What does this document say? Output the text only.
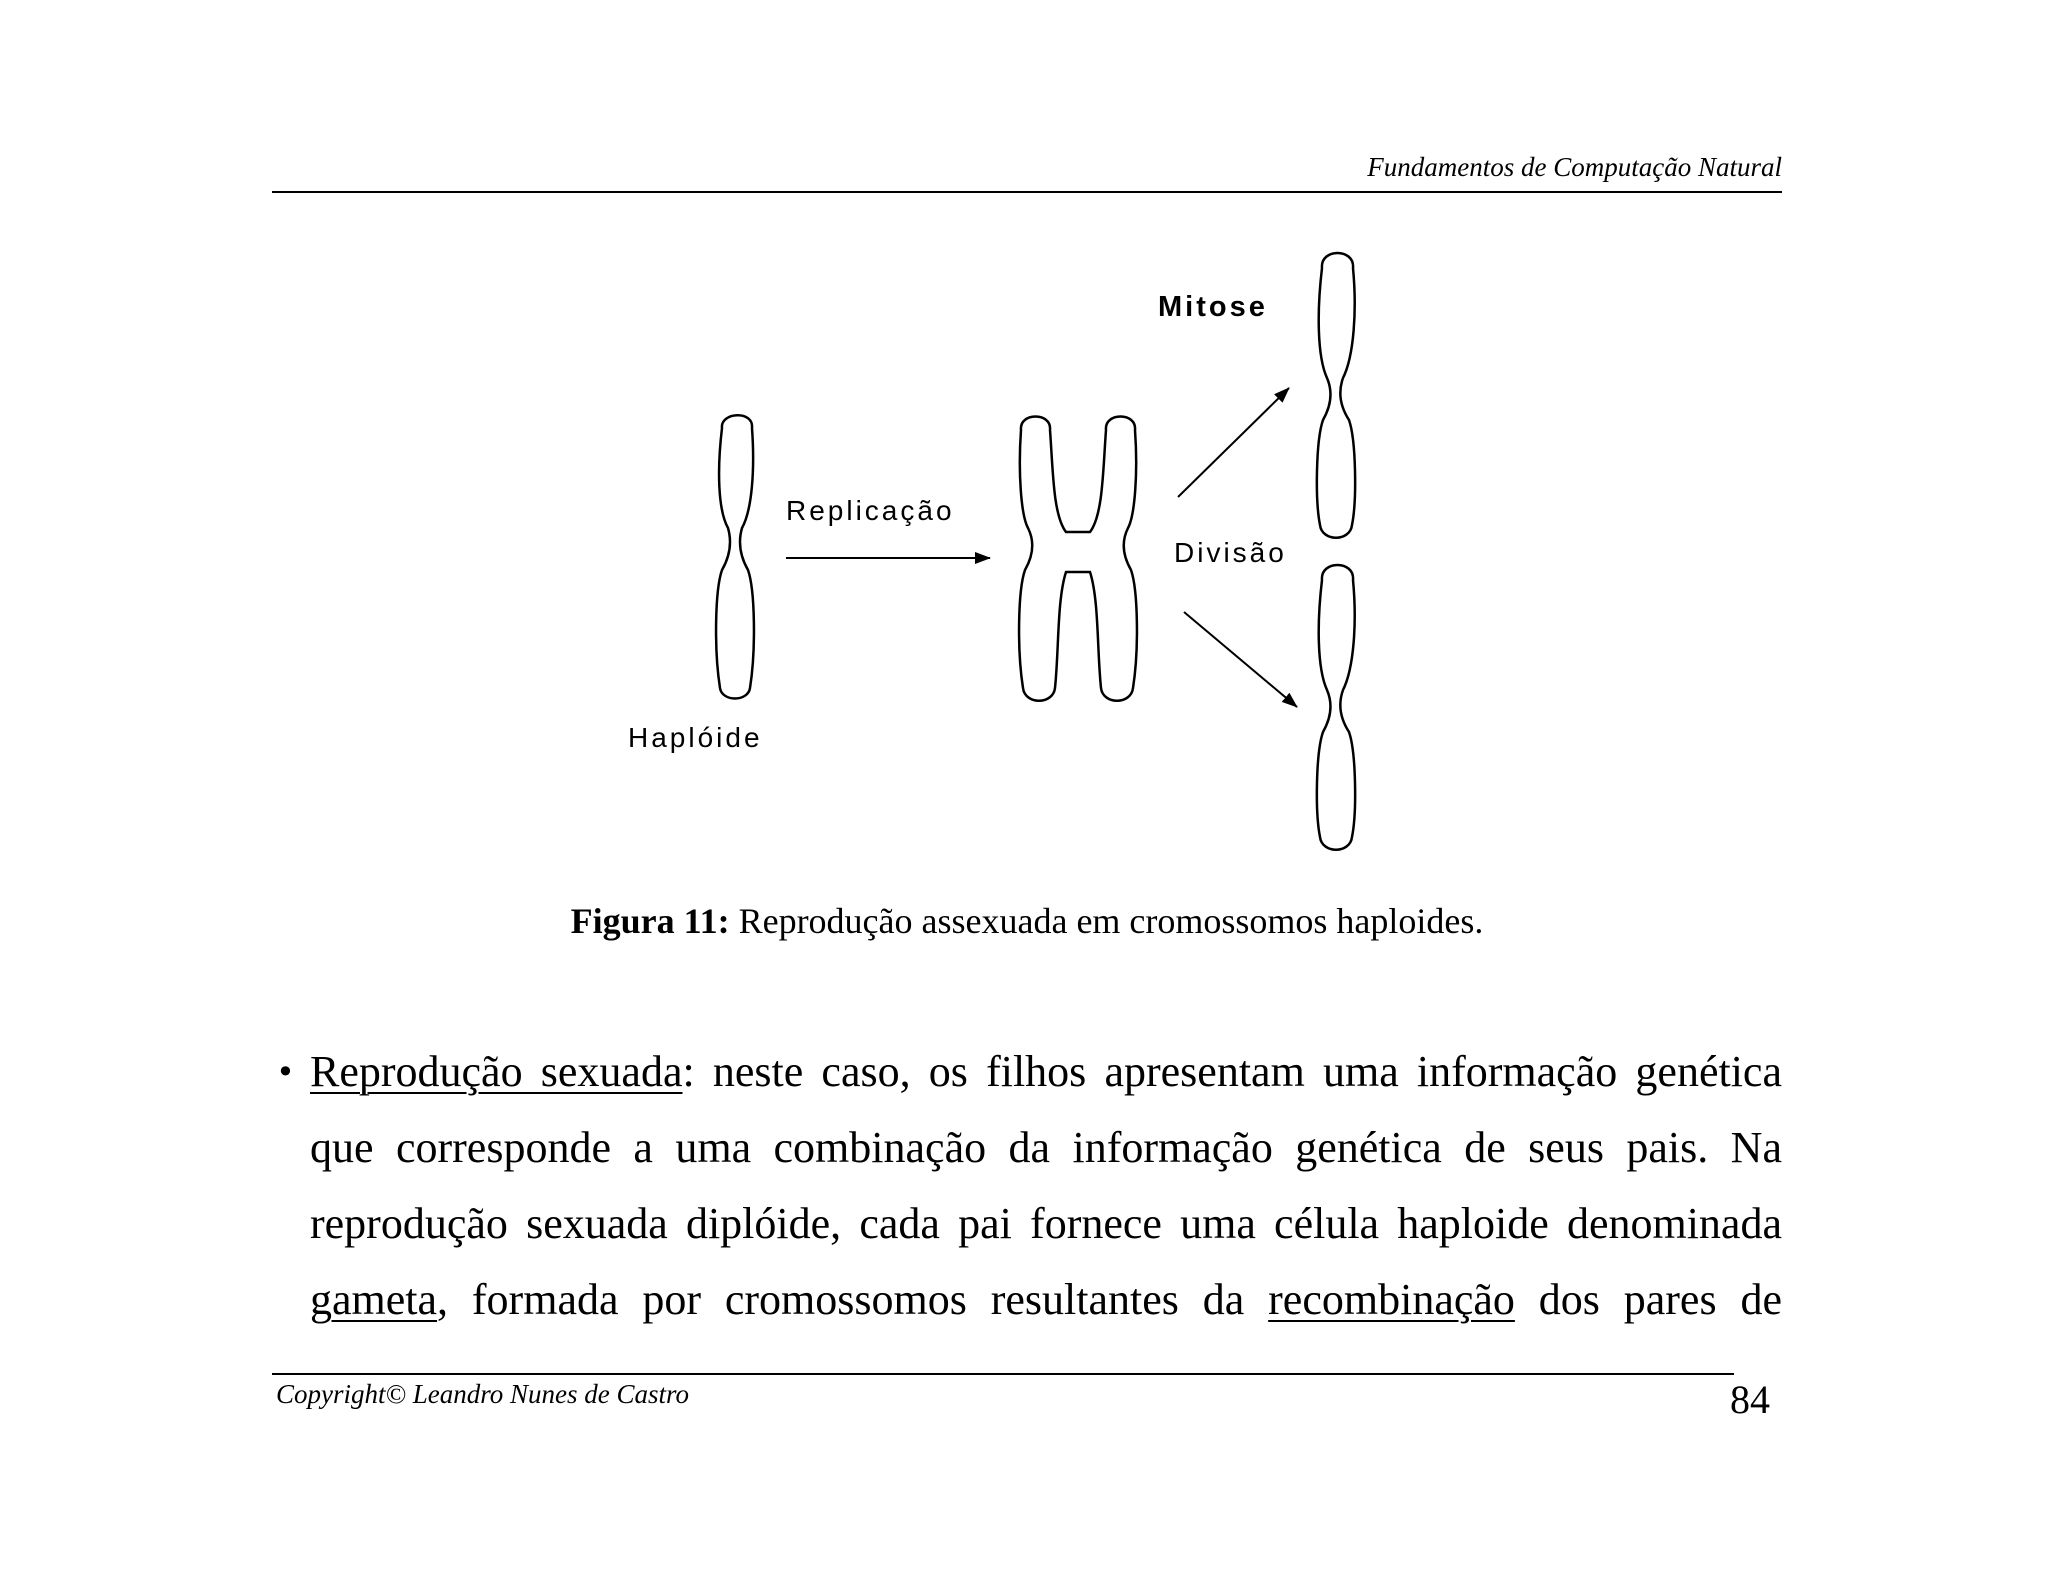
Fundamentos de Computação Natural
Mitose
Replicação
Divisão
Haplóide
Figura 11: Reprodução assexuada em cromossomos haploides.
• Reprodução sexuada: neste caso, os filhos apresentam uma informação genética
que corresponde a uma combinação da informação genética de seus pais. Na
reprodução sexuada diplóide, cada pai fornece uma célula haploide denominada
gameta, formada por cromossomos resultantes da recombinação dos pares de
Copyright© Leandro Nunes de Castro	84
